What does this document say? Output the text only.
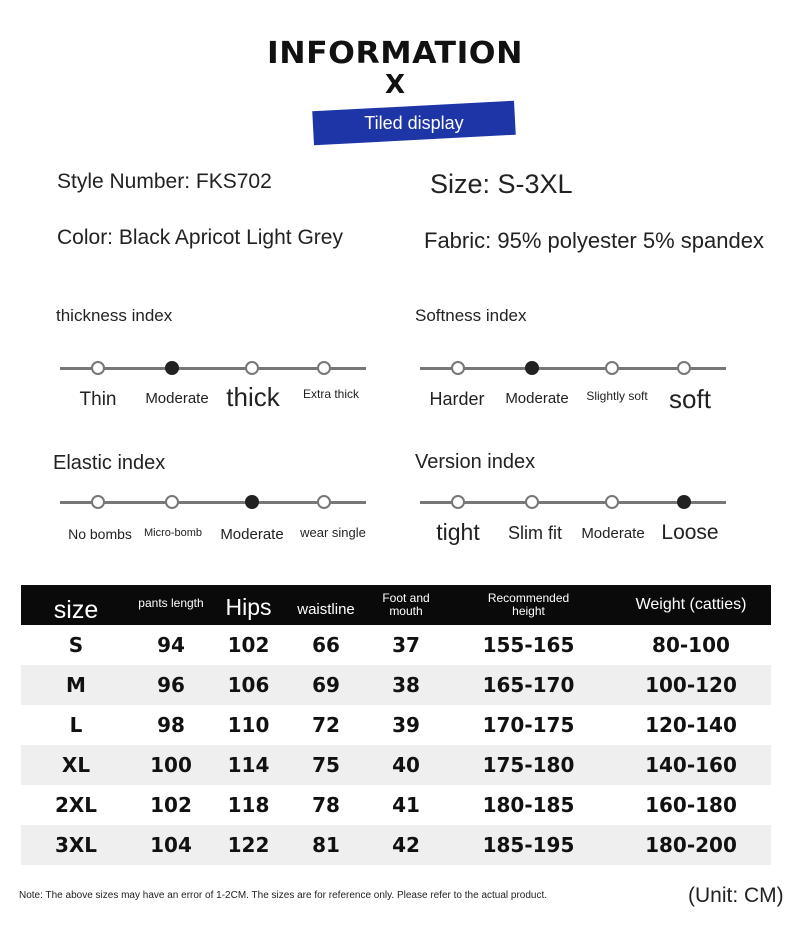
INFORMATION
X
Tiled display
Style Number: FKS702	Size: S-3XL
Color: Black Apricot Light Grey	Fabric: 95% polyester 5% spandex
thickness index
Thin Moderate thick Extra thick
Softness index
Harder Moderate Slightly soft soft
Elastic index
No bombs Micro-bomb Moderate wear single
Version index
tight Slim fit Moderate Loose
size	pants length	Hips	waistline	Foot and mouth	Recommended height	Weight (catties)
S	94	102	66	37	155-165	80-100
M	96	106	69	38	165-170	100-120
L	98	110	72	39	170-175	120-140
XL	100	114	75	40	175-180	140-160
2XL	102	118	78	41	180-185	160-180
3XL	104	122	81	42	185-195	180-200
Note: The above sizes may have an error of 1-2CM. The sizes are for reference only. Please refer to the actual product.	(Unit: CM)
